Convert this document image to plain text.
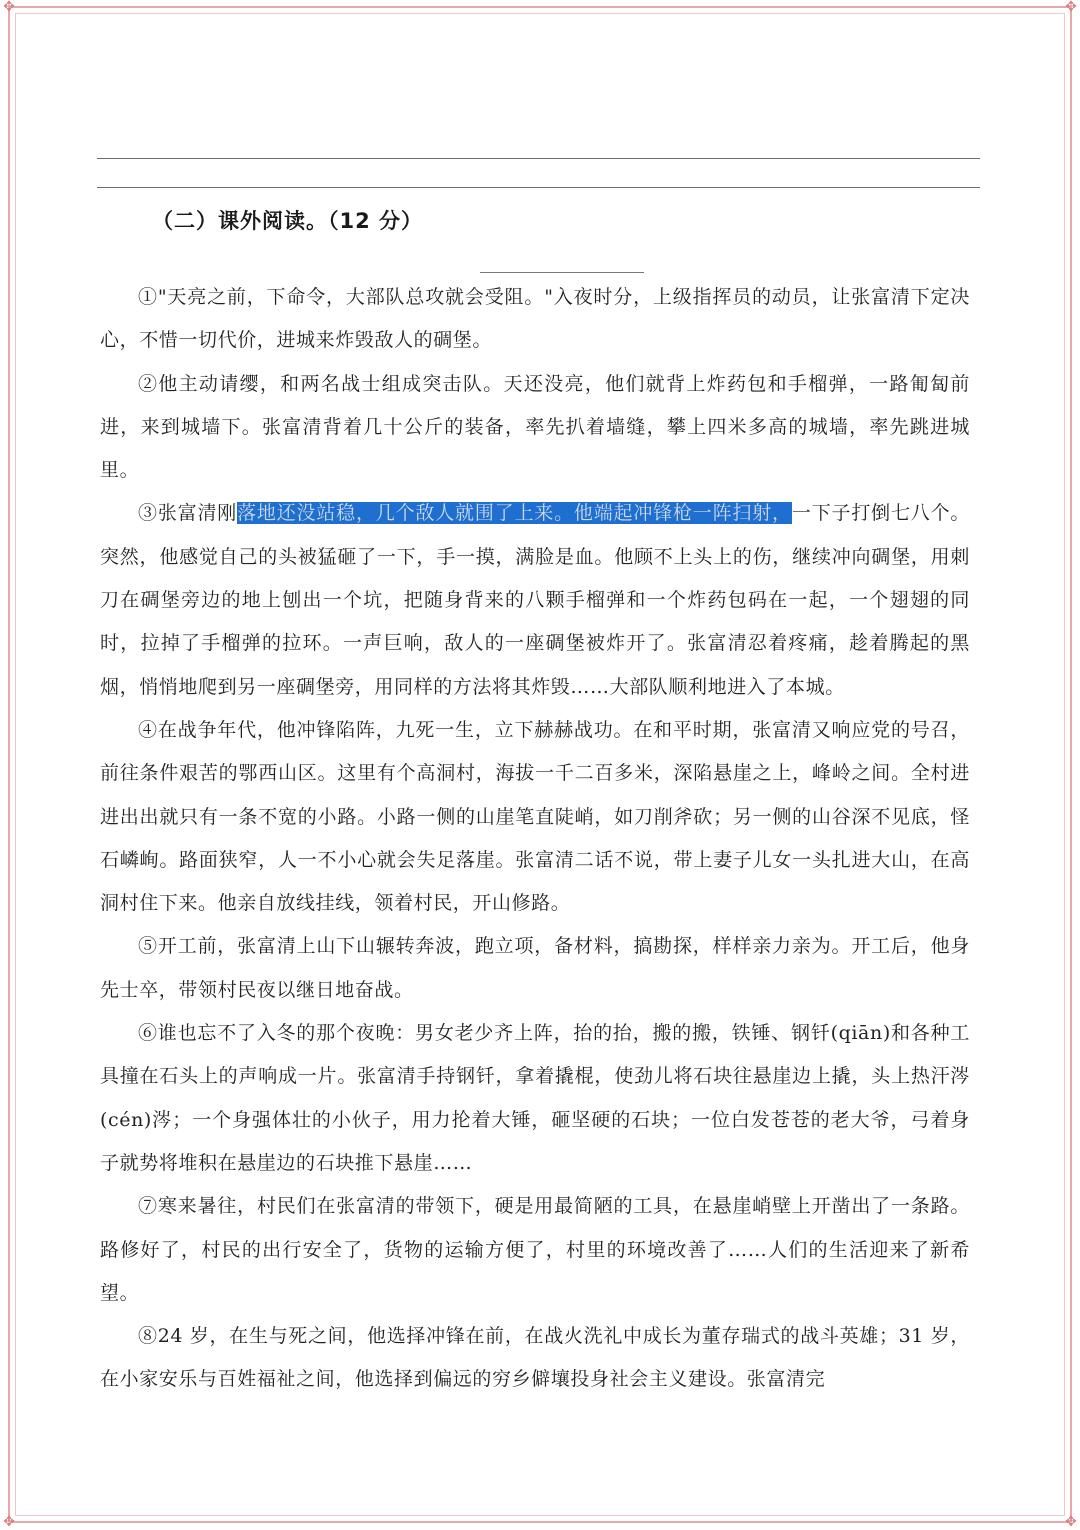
✥	✥
✥	✥
（二）课外阅读。（12 分）

①"天亮之前，下命令，大部队总攻就会受阻。"入夜时分，上级指挥员的动员，让张富清下定决心，不惜一切代价，进城来炸毁敌人的碉堡。

②他主动请缨，和两名战士组成突击队。天还没亮，他们就背上炸药包和手榴弹，一路匍匐前进，来到城墙下。张富清背着几十公斤的装备，率先扒着墙缝，攀上四米多高的城墙，率先跳进城里。

③张富清刚落地还没站稳，几个敌人就围了上来。他端起冲锋枪一阵扫射，一下子打倒七八个。突然，他感觉自己的头被猛砸了一下，手一摸，满脸是血。他顾不上头上的伤，继续冲向碉堡，用刺刀在碉堡旁边的地上刨出一个坑，把随身背来的八颗手榴弹和一个炸药包码在一起，一个翅翅的同时，拉掉了手榴弹的拉环。一声巨响，敌人的一座碉堡被炸开了。张富清忍着疼痛，趁着腾起的黑烟，悄悄地爬到另一座碉堡旁，用同样的方法将其炸毁……大部队顺利地进入了本城。

④在战争年代，他冲锋陷阵，九死一生，立下赫赫战功。在和平时期，张富清又响应党的号召，前往条件艰苦的鄂西山区。这里有个高洞村，海拔一千二百多米，深陷悬崖之上，峰岭之间。全村进进出出就只有一条不宽的小路。小路一侧的山崖笔直陡峭，如刀削斧砍；另一侧的山谷深不见底，怪石嶙峋。路面狭窄，人一不小心就会失足落崖。张富清二话不说，带上妻子儿女一头扎进大山，在高洞村住下来。他亲自放线挂线，领着村民，开山修路。

⑤开工前，张富清上山下山辗转奔波，跑立项，备材料，搞勘探，样样亲力亲为。开工后，他身先士卒，带领村民夜以继日地奋战。

⑥谁也忘不了入冬的那个夜晚：男女老少齐上阵，抬的抬，搬的搬，铁锤、钢钎(qiān)和各种工具撞在石头上的声响成一片。张富清手持钢钎，拿着撬棍，使劲儿将石块往悬崖边上撬，头上热汗涔(cén)涔；一个身强体壮的小伙子，用力抡着大锤，砸坚硬的石块；一位白发苍苍的老大爷，弓着身子就势将堆积在悬崖边的石块推下悬崖……

⑦寒来暑往，村民们在张富清的带领下，硬是用最简陋的工具，在悬崖峭壁上开凿出了一条路。路修好了，村民的出行安全了，货物的运输方便了，村里的环境改善了……人们的生活迎来了新希望。

⑧24 岁，在生与死之间，他选择冲锋在前，在战火洗礼中成长为董存瑞式的战斗英雄；31 岁，在小家安乐与百姓福祉之间，他选择到偏远的穷乡僻壤投身社会主义建设。张富清完
